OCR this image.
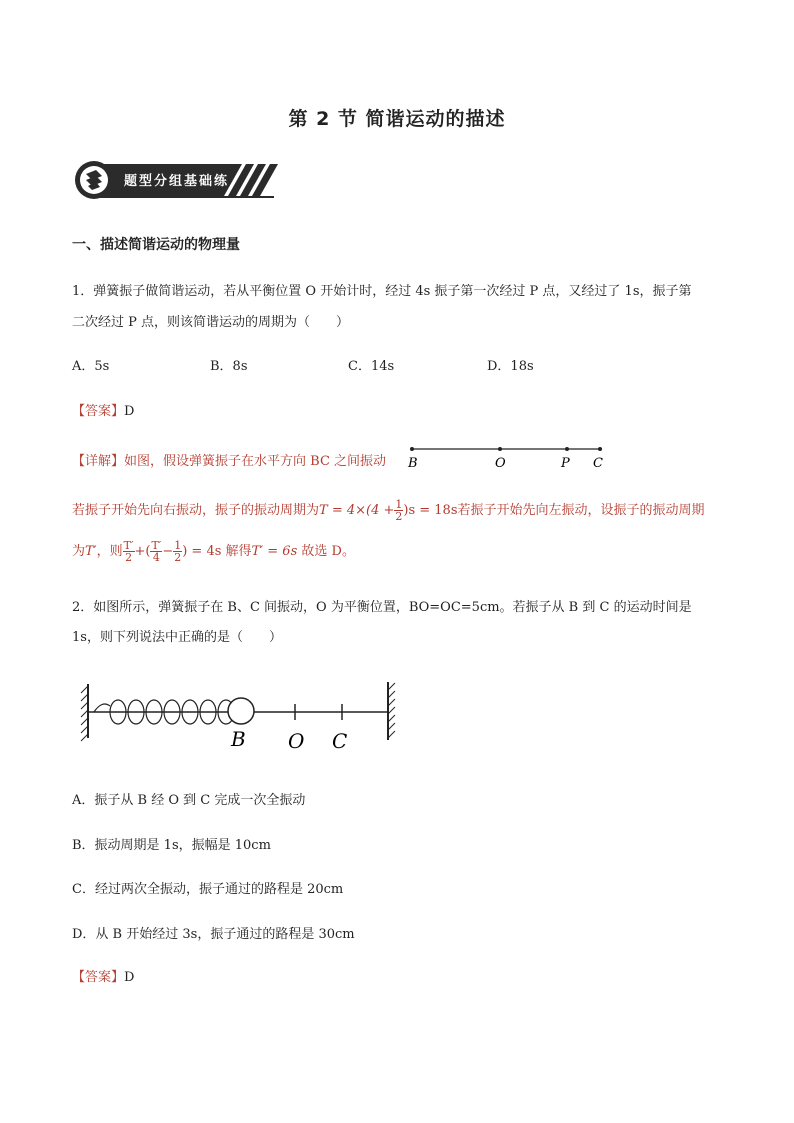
第 2 节 简谐运动的描述
题型分组基础练
一、描述简谐运动的物理量
1．弹簧振子做简谐运动，若从平衡位置 O 开始计时，经过 4s 振子第一次经过 P 点，又经过了 1s，振子第
二次经过 P 点，则该简谐运动的周期为（　　）
A．5s	B．8s	C．14s	D．18s
【答案】D
【详解】如图，假设弹簧振子在水平方向 BC 之间振动 B	O	P C
若振子开始先向右振动，振子的振动周期为$T = 4\times(4 + \frac{1}{2} )s = 18s$若振子开始先向左振动，设振子的振动周期
为T′，则 $\frac{T'}{2}$ +( $\frac{T'}{4} - \frac{1}{2}$ ) = 4s 解得T′ = 6s 故选 D。
2．如图所示，弹簧振子在 B、C 间振动，O 为平衡位置，BO=OC=5cm。若振子从 B 到 C 的运动时间是
1s，则下列说法中正确的是（　　）
B O C
A．振子从 B 经 O 到 C 完成一次全振动
B．振动周期是 1s，振幅是 10cm
C．经过两次全振动，振子通过的路程是 20cm
D．从 B 开始经过 3s，振子通过的路程是 30cm
【答案】D
